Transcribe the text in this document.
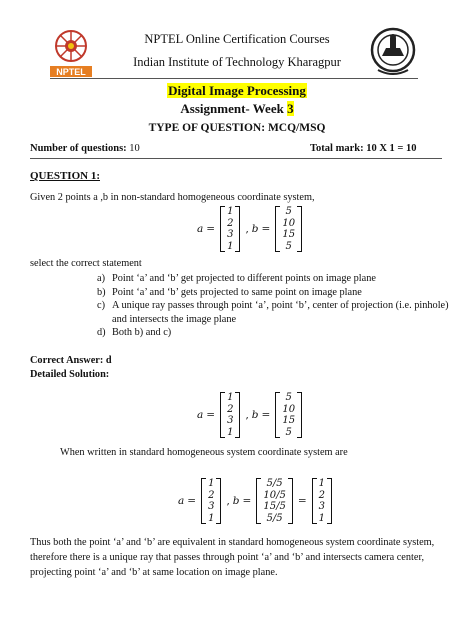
NPTEL
NPTEL Online Certification Courses
Indian Institute of Technology Kharagpur
Digital Image Processing
Assignment- Week 3
TYPE OF QUESTION: MCQ/MSQ
Number of questions: 10	Total mark: 10 X 1 = 10
QUESTION 1:
Given 2 points a ,b in non-standard homogeneous coordinate system,
a =
1
2
3
1
, b =
5
10
15
5
select the correct statement
a) Point ‘a’ and ‘b’ get projected to different points on image plane
b) Point ‘a’ and ‘b’ gets projected to same point on image plane
c) A unique ray passes through point ‘a’, point ‘b’, center of projection (i.e. pinhole)
and intersects the image plane
d) Both b) and c)
Correct Answer: d
Detailed Solution:
a =
1
2
3
1
, b =
5
10
15
5
When written in standard homogeneous system coordinate system are
a =
1
2
3
1
, b =
5/5
10/5
15/5
5/5
=
1
2
3
1
Thus both the point ‘a’ and ‘b’ are equivalent in standard homogeneous system coordinate system, therefore there is a unique ray that passes through point ‘a’ and ‘b’ and intersects camera center, projecting point ‘a’ and ‘b’ at same location on image plane.
